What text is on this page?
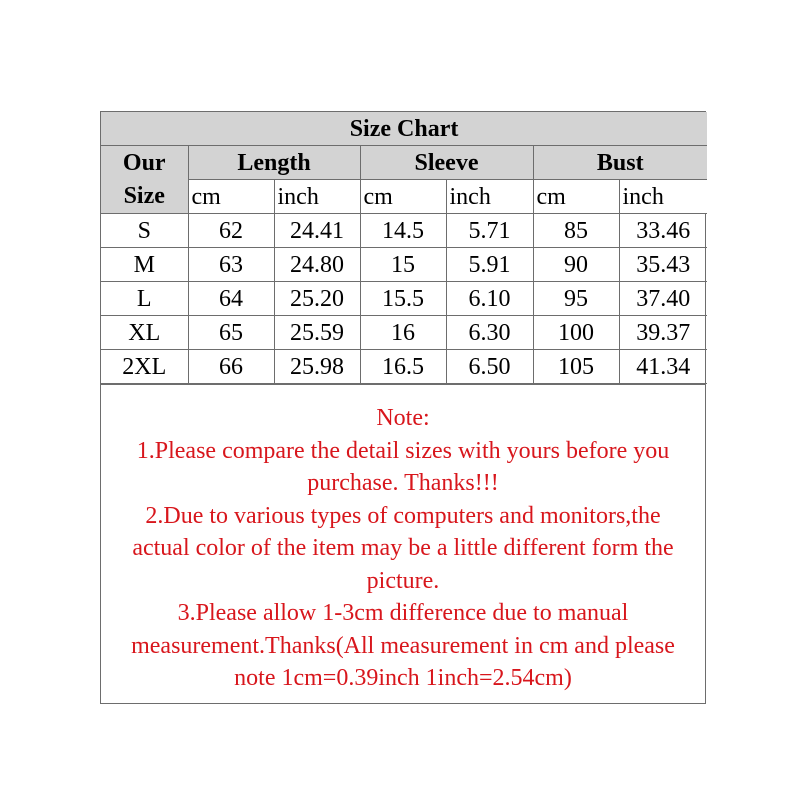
Size Chart						
Our
Size	Length		Sleeve		Bust	
	cm	inch	cm	inch	cm	inch
S	62	24.41	14.5	5.71	85	33.46
M	63	24.80	15	5.91	90	35.43
L	64	25.20	15.5	6.10	95	37.40
XL	65	25.59	16	6.30	100	39.37
2XL	66	25.98	16.5	6.50	105	41.34
Note:
1.Please compare the detail sizes with yours before you
purchase. Thanks!!!
2.Due to various types of computers and monitors,the
actual color of the item may be a little different form the
picture.
3.Please allow 1-3cm difference due to manual
measurement.Thanks(All measurement in cm and please
note 1cm=0.39inch 1inch=2.54cm)
